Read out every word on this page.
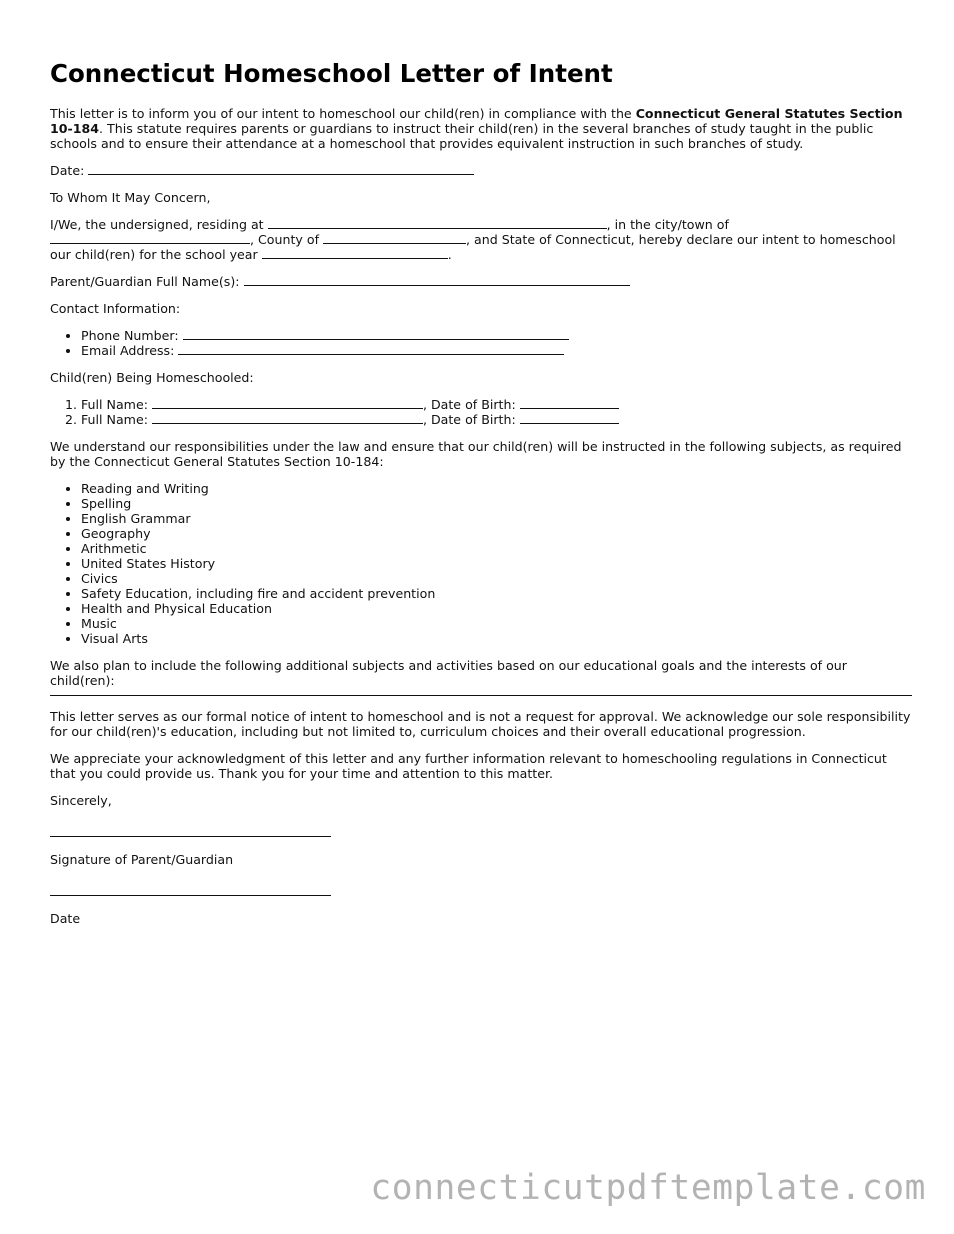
Connecticut Homeschool Letter of Intent

This letter is to inform you of our intent to homeschool our child(ren) in compliance with the Connecticut General Statutes Section 10-184. This statute requires parents or guardians to instruct their child(ren) in the several branches of study taught in the public schools and to ensure their attendance at a homeschool that provides equivalent instruction in such branches of study.

Date:

To Whom It May Concern,

I/We, the undersigned, residing at	, in the city/town of
, County of	, and State of Connecticut, hereby declare our intent to homeschool our child(ren) for the school year	.

Parent/Guardian Full Name(s):

Contact Information:

• Phone Number:
• Email Address:

Child(ren) Being Homeschooled:

1. Full Name:	, Date of Birth:
2. Full Name:	, Date of Birth:

We understand our responsibilities under the law and ensure that our child(ren) will be instructed in the following subjects, as required by the Connecticut General Statutes Section 10-184:

• Reading and Writing
• Spelling
• English Grammar
• Geography
• Arithmetic
• United States History
• Civics
• Safety Education, including fire and accident prevention
• Health and Physical Education
• Music
• Visual Arts

We also plan to include the following additional subjects and activities based on our educational goals and the interests of our child(ren):

This letter serves as our formal notice of intent to homeschool and is not a request for approval. We acknowledge our sole responsibility for our child(ren)'s education, including but not limited to, curriculum choices and their overall educational progression.

We appreciate your acknowledgment of this letter and any further information relevant to homeschooling regulations in Connecticut that you could provide us. Thank you for your time and attention to this matter.

Sincerely,

Signature of Parent/Guardian

Date

connecticutpdftemplate.com
